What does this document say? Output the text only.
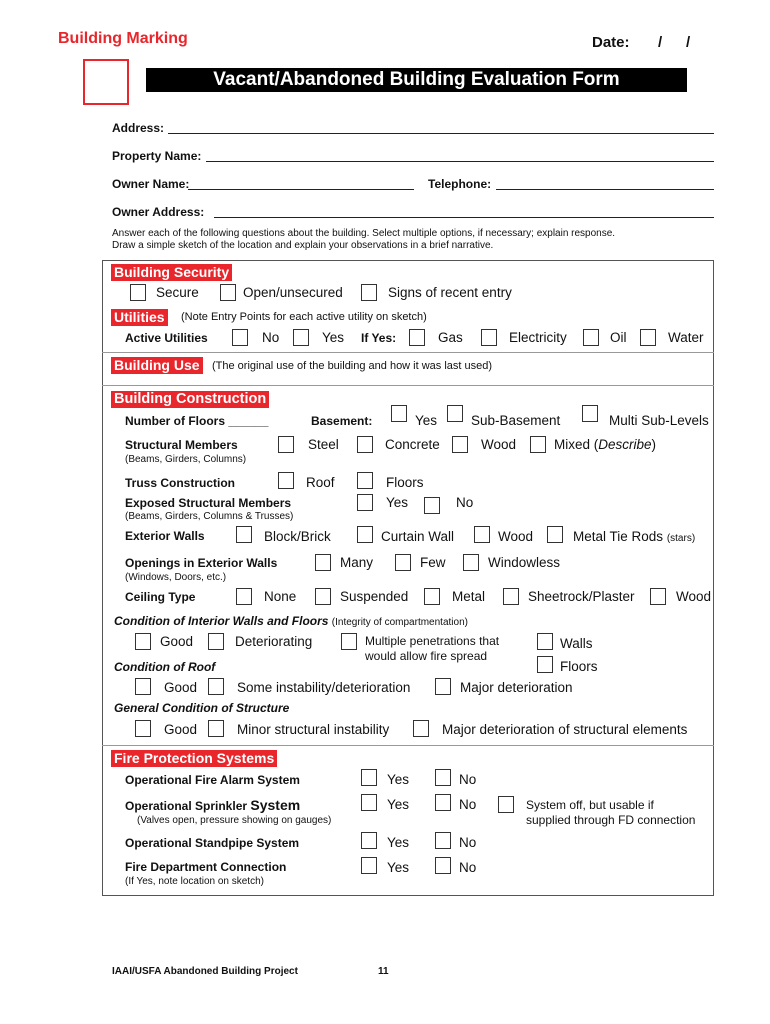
Building Marking	Date: / /
Vacant/Abandoned Building Evaluation Form
Address:
Property Name:
Owner Name:	Telephone:
Owner Address:
Answer each of the following questions about the building. Select multiple options, if necessary; explain response.
Draw a simple sketch of the location and explain your observations in a brief narrative.
Building Security
Secure	Open/unsecured	Signs of recent entry
Utilities (Note Entry Points for each active utility on sketch)
Active Utilities	No	Yes If Yes:	Gas	Electricity	Oil	Water
Building Use (The original use of the building and how it was last used)
Building Construction
Number of Floors ______	Basement:	Yes	Sub-Basement	Multi Sub-Levels
Structural Members
(Beams, Girders, Columns)
Steel	Concrete	Wood	Mixed (Describe)
Truss Construction	Roof	Floors
Exposed Structural Members
(Beams, Girders, Columns & Trusses)
Yes	No
Exterior Walls	Block/Brick	Curtain Wall	Wood	Metal Tie Rods (stars)
Openings in Exterior Walls
(Windows, Doors, etc.)
Many	Few	Windowless
Ceiling Type	None	Suspended	Metal	Sheetrock/Plaster	Wood
Condition of Interior Walls and Floors (Integrity of compartmentation)
Good	Deteriorating	Multiple penetrations that
would allow fire spread
Walls
Floors
Condition of Roof
Good	Some instability/deterioration	Major deterioration
General Condition of Structure
Good	Minor structural instability	Major deterioration of structural elements
Fire Protection Systems
Operational Fire Alarm System	Yes	No
Operational Sprinkler System
(Valves open, pressure showing on gauges)
Yes	No	System off, but usable if
supplied through FD connection
Operational Standpipe System	Yes	No
Fire Department Connection
(If Yes, note location on sketch)
Yes	No
IAAI/USFA Abandoned Building Project	11
